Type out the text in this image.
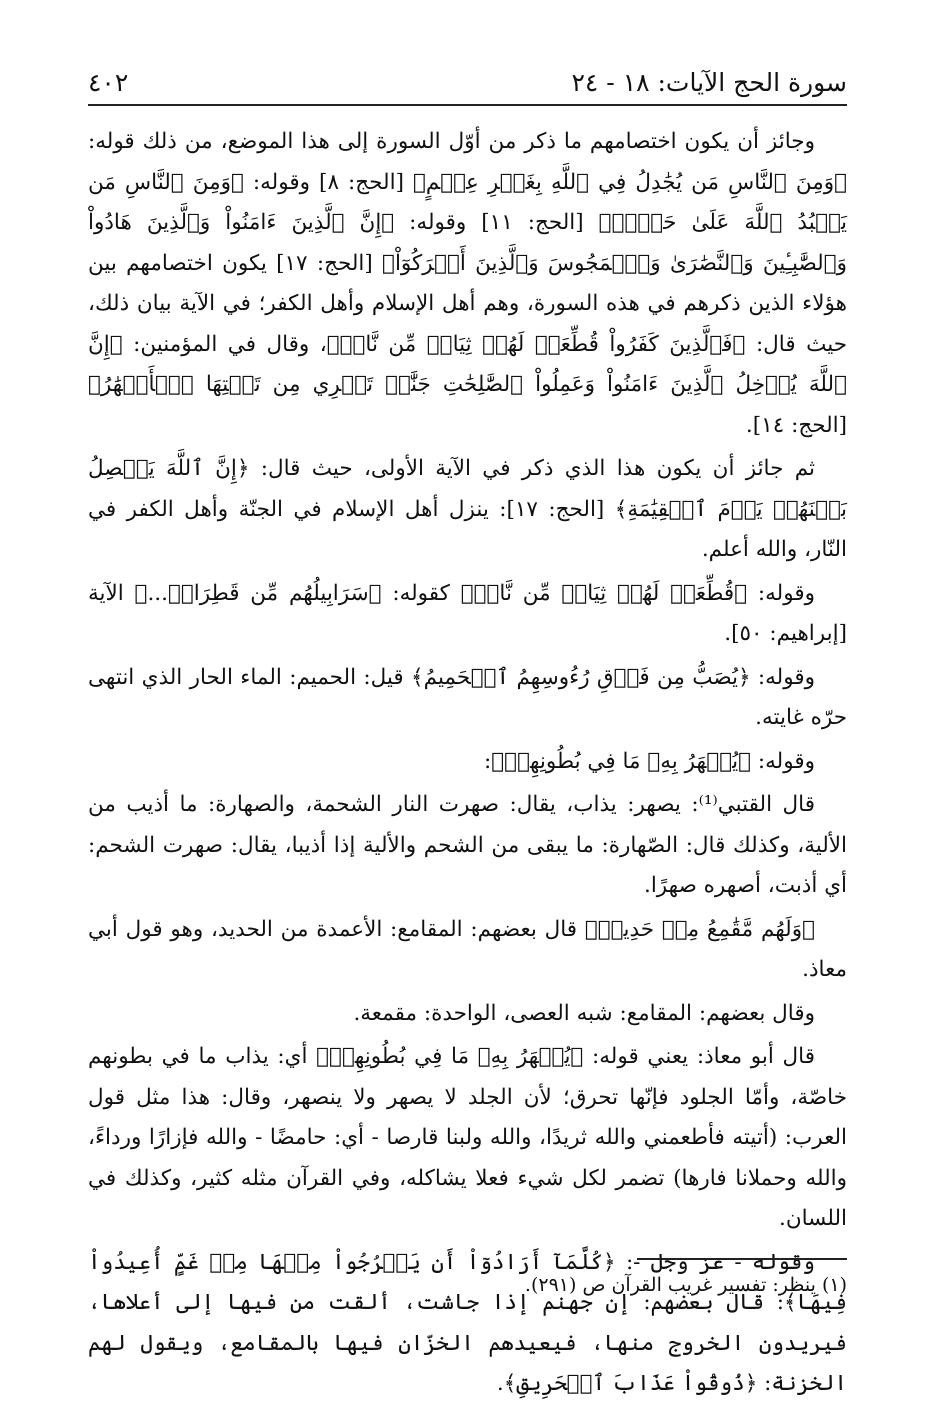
سورة الحج الآيات: ١٨ - ٢٤
٤٠٢

وجائز أن يكون اختصامهم ما ذكر من أوّل السورة إلى هذا الموضع، من ذلك قوله: ﴿وَمِنَ ٱلنَّاسِ مَن يُجَٰدِلُ فِي ٱللَّهِ بِغَيۡرِ عِلۡمٍ﴾ [الحج: ٨] وقوله: ﴿وَمِنَ ٱلنَّاسِ مَن يَعۡبُدُ ٱللَّهَ عَلَىٰ حَرۡفٖ﴾ [الحج: ١١] وقوله: ﴿إِنَّ ٱلَّذِينَ ءَامَنُواْ وَٱلَّذِينَ هَادُواْ وَٱلصَّٰبِـِٔينَ وَٱلنَّصَٰرَىٰ وَٱلۡمَجُوسَ وَٱلَّذِينَ أَشۡرَكُوٓاْ﴾ [الحج: ١٧] يكون اختصامهم بين هؤلاء الذين ذكرهم في هذه السورة، وهم أهل الإسلام وأهل الكفر؛ في الآية بيان ذلك، حيث قال: ﴿فَٱلَّذِينَ كَفَرُواْ قُطِّعَتۡ لَهُمۡ ثِيَابٞ مِّن نَّارٖ﴾، وقال في المؤمنين: ﴿إِنَّ ٱللَّهَ يُدۡخِلُ ٱلَّذِينَ ءَامَنُواْ وَعَمِلُواْ ٱلصَّٰلِحَٰتِ جَنَّٰتٖ تَجۡرِي مِن تَحۡتِهَا ٱلۡأَنۡهَٰرُ﴾ [الحج: ١٤].

ثم جائز أن يكون هذا الذي ذكر في الآية الأولى، حيث قال: ﴿إِنَّ ٱللَّهَ يَفۡصِلُ بَيۡنَهُمۡ يَوۡمَ ٱلۡقِيَٰمَةِ﴾ [الحج: ١٧]: ينزل أهل الإسلام في الجنّة وأهل الكفر في النّار، والله أعلم.

وقوله: ﴿قُطِّعَتۡ لَهُمۡ ثِيَابٞ مِّن نَّارٖ﴾ كقوله: ﴿سَرَابِيلُهُم مِّن قَطِرَانٖ...﴾ الآية [إبراهيم: ٥٠].

وقوله: ﴿يُصَبُّ مِن فَوۡقِ رُءُوسِهِمُ ٱلۡحَمِيمُ﴾ قيل: الحميم: الماء الحار الذي انتهى حرّه غايته.

وقوله: ﴿يُصۡهَرُ بِهِۦ مَا فِي بُطُونِهِمۡ﴾:

قال القتبي⁽¹⁾: يصهر: يذاب، يقال: صهرت النار الشحمة، والصهارة: ما أذيب من الألية، وكذلك قال: الصّهارة: ما يبقى من الشحم والألية إذا أذيبا، يقال: صهرت الشحم: أي أذبت، أصهره صهرًا.

﴿وَلَهُم مَّقَٰمِعُ مِنۡ حَدِيدٖ﴾ قال بعضهم: المقامع: الأعمدة من الحديد، وهو قول أبي معاذ.

وقال بعضهم: المقامع: شبه العصى، الواحدة: مقمعة.

قال أبو معاذ: يعني قوله: ﴿يُصۡهَرُ بِهِۦ مَا فِي بُطُونِهِمۡ﴾ أي: يذاب ما في بطونهم خاصّة، وأمّا الجلود فإنّها تحرق؛ لأن الجلد لا يصهر ولا ينصهر، وقال: هذا مثل قول العرب: (أتيته فأطعمني والله ثريدًا، والله ولبنا قارصا - أي: حامضًا - والله فإزارًا ورداءً، والله وحملانا فارها) تضمر لكل شيء فعلا يشاكله، وفي القرآن مثله كثير، وكذلك في اللسان.

وقوله - عز وجل -: ﴿كُلَّمَآ أَرَادُوٓاْ أَن يَخۡرُجُواْ مِنۡهَا مِنۡ غَمٍّ أُعِيدُواْ فِيهَا﴾: قال بعضهم: إن جهنم إذا جاشت، ألقت من فيها إلى أعلاها، فيريدون الخروج منها، فيعيدهم الخزّان فيها بالمقامع، ويقول لهم الخزنة: ﴿ذُوقُواْ عَذَابَ ٱلۡحَرِيقِ﴾.

(١) ينظر: تفسير غريب القرآن ص (٢٩١).
